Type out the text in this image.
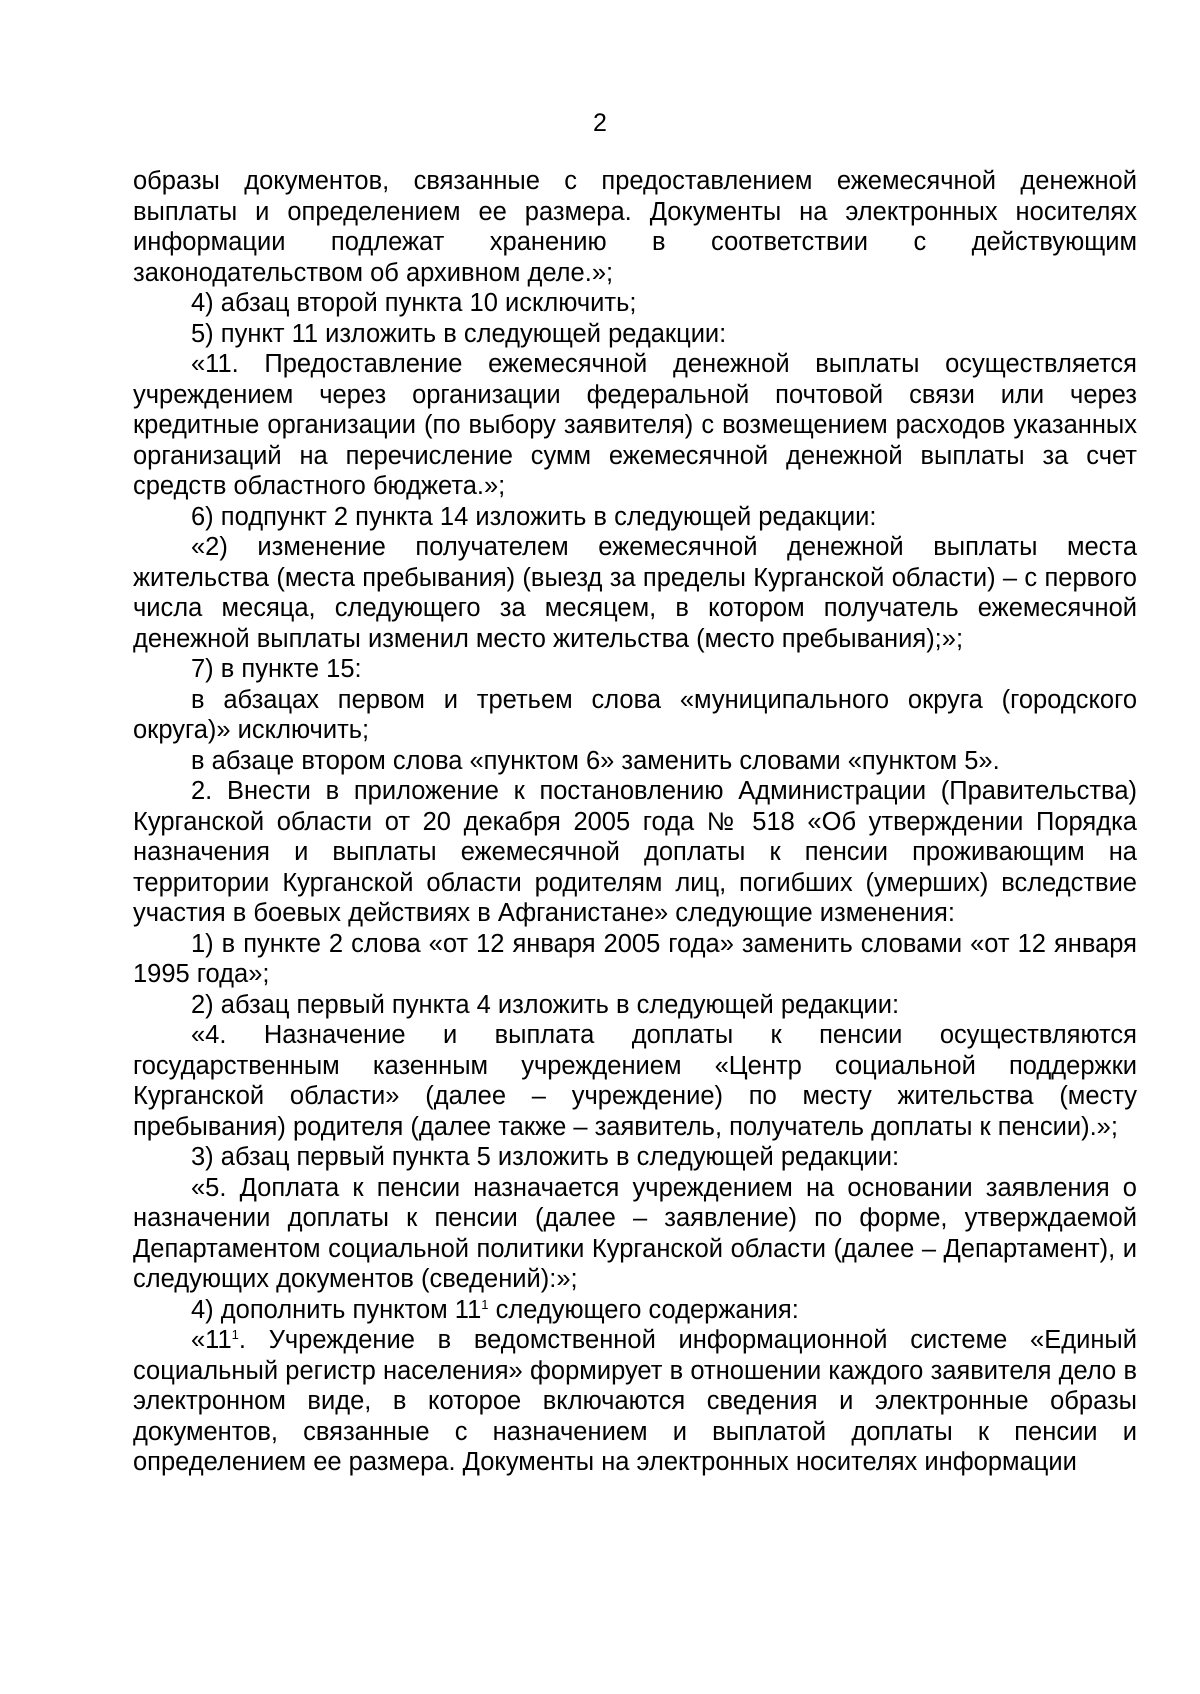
2

образы документов, связанные с предоставлением ежемесячной денежной выплаты и определением ее размера. Документы на электронных носителях информации подлежат хранению в соответствии с действующим законодательством об архивном деле.»;

4) абзац второй пункта 10 исключить;

5) пункт 11 изложить в следующей редакции:

«11. Предоставление ежемесячной денежной выплаты осуществляется учреждением через организации федеральной почтовой связи или через кредитные организации (по выбору заявителя) с возмещением расходов указанных организаций на перечисление сумм ежемесячной денежной выплаты за счет средств областного бюджета.»;

6) подпункт 2 пункта 14 изложить в следующей редакции:

«2) изменение получателем ежемесячной денежной выплаты места жительства (места пребывания) (выезд за пределы Курганской области) – с первого числа месяца, следующего за месяцем, в котором получатель ежемесячной денежной выплаты изменил место жительства (место пребывания);»;

7) в пункте 15:

в абзацах первом и третьем слова «муниципального округа (городского округа)» исключить;

в абзаце втором слова «пунктом 6» заменить словами «пунктом 5».

2. Внести в приложение к постановлению Администрации (Правительства) Курганской области от 20 декабря 2005 года № 518 «Об утверждении Порядка назначения и выплаты ежемесячной доплаты к пенсии проживающим на территории Курганской области родителям лиц, погибших (умерших) вследствие участия в боевых действиях в Афганистане» следующие изменения:

1) в пункте 2 слова «от 12 января 2005 года» заменить словами «от 12 января 1995 года»;

2) абзац первый пункта 4 изложить в следующей редакции:

«4. Назначение и выплата доплаты к пенсии осуществляются государственным казенным учреждением «Центр социальной поддержки Курганской области» (далее – учреждение) по месту жительства (месту пребывания) родителя (далее также – заявитель, получатель доплаты к пенсии).»;

3) абзац первый пункта 5 изложить в следующей редакции:

«5. Доплата к пенсии назначается учреждением на основании заявления о назначении доплаты к пенсии (далее – заявление) по форме, утверждаемой Департаментом социальной политики Курганской области (далее – Департамент), и следующих документов (сведений):»;

4) дополнить пунктом $11^1$ следующего содержания:

«$11^1$. Учреждение в ведомственной информационной системе «Единый социальный регистр населения» формирует в отношении каждого заявителя дело в электронном виде, в которое включаются сведения и электронные образы документов, связанные с назначением и выплатой доплаты к пенсии и определением ее размера. Документы на электронных носителях информации
